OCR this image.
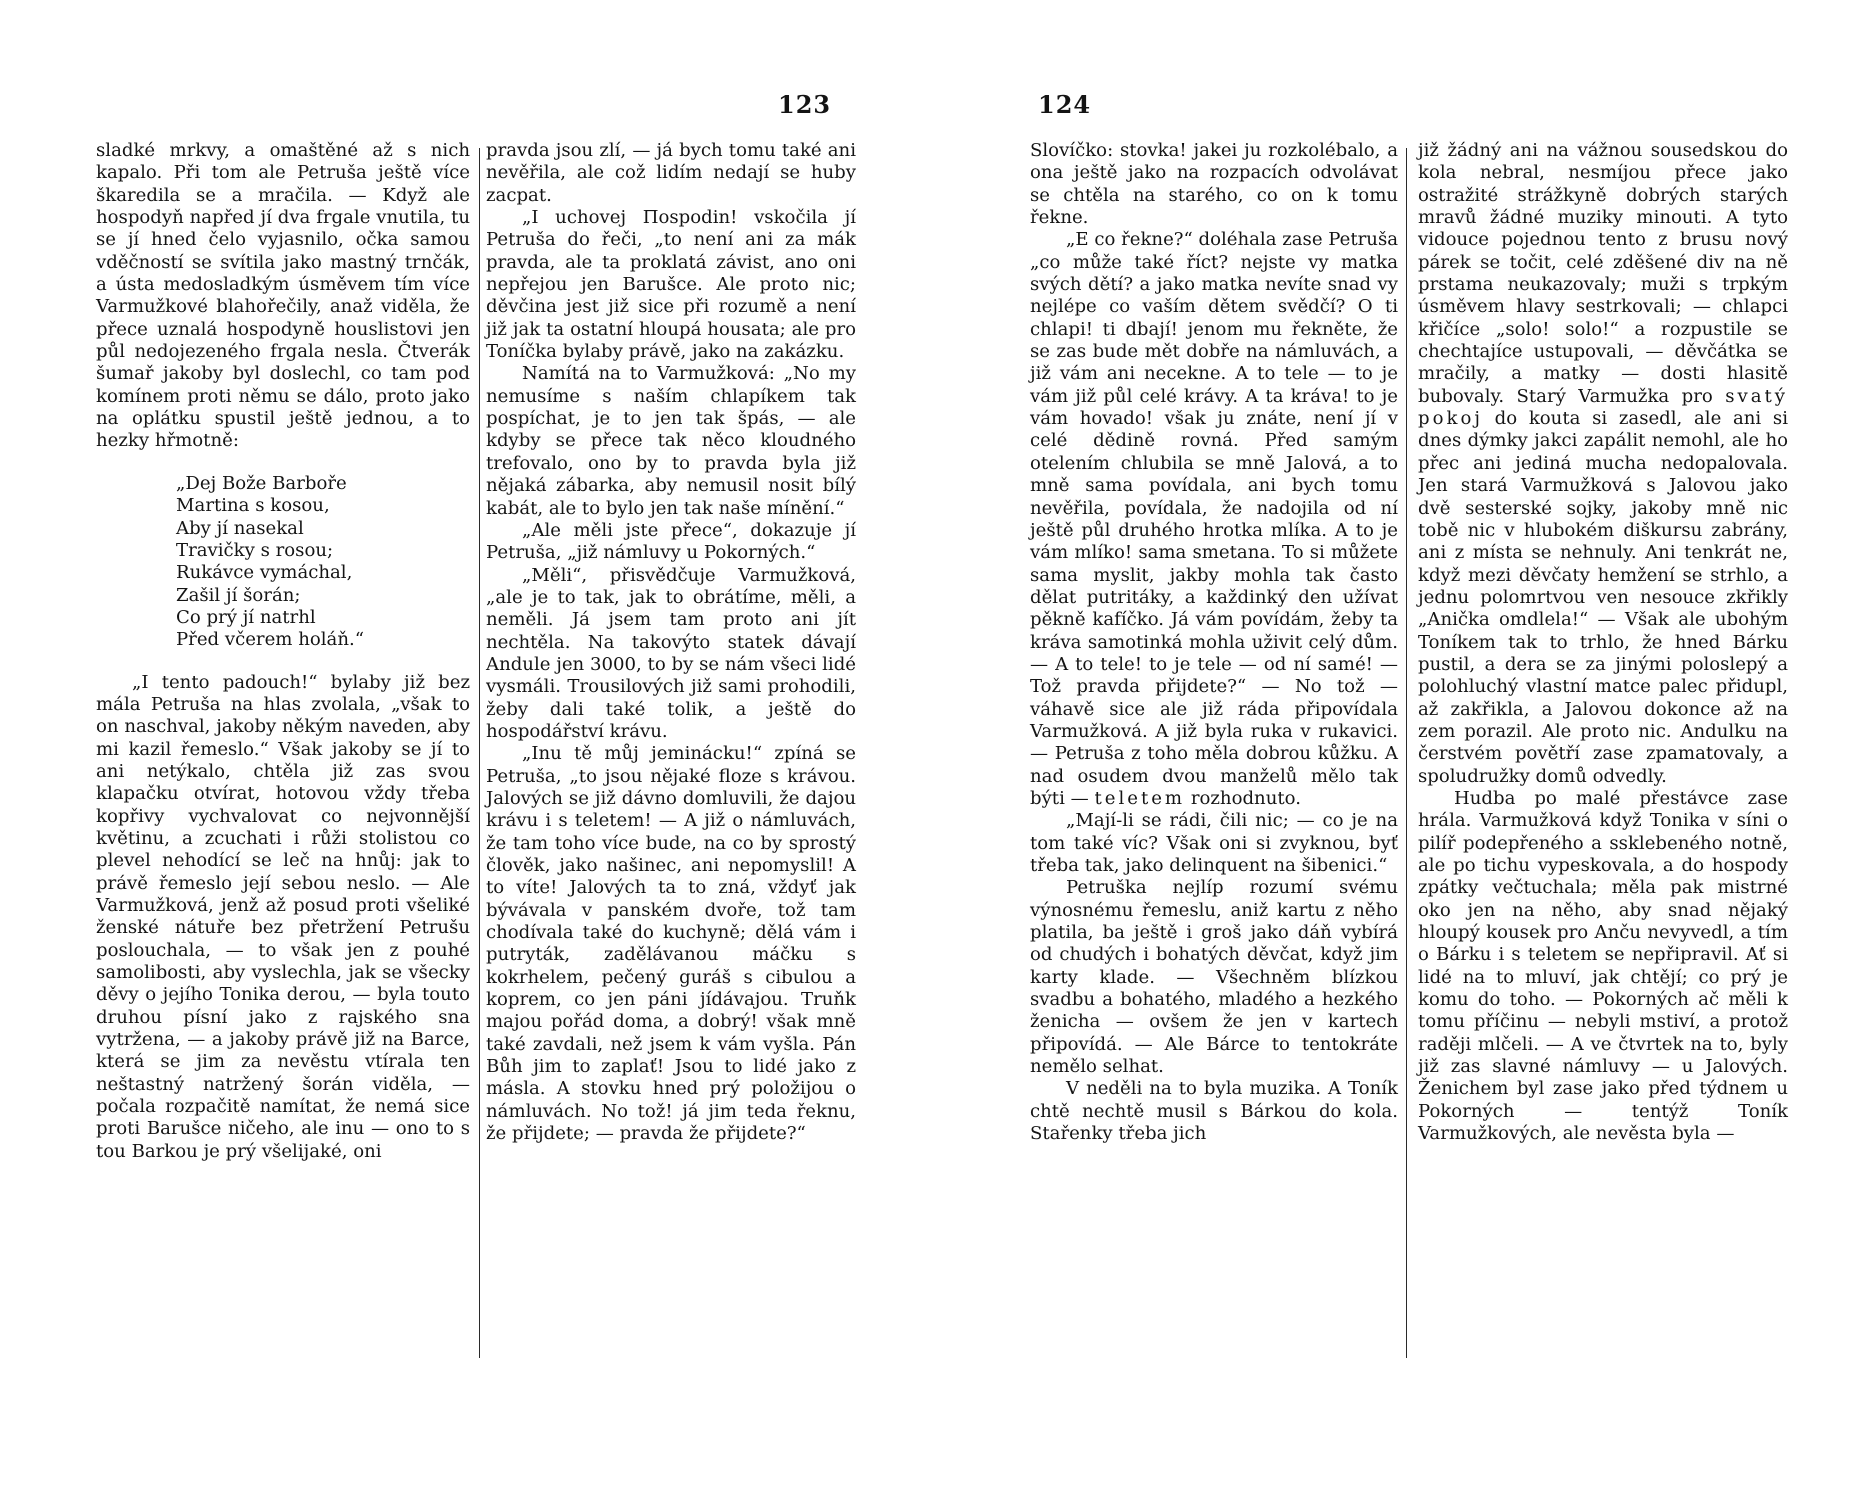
123

sladké mrkvy, a omaštěné až s nich kapalo. Při tom ale Petruša ještě více škaredila se a mračila. — Když ale hospodyň napřed jí dva frgale vnutila, tu se jí hned čelo vyjasnilo, očka samou vděčností se svítila jako mastný trnčák, a ústa medosladkým úsměvem tím více Varmužkové blahořečily, anaž viděla, že přece uznalá hospodyně houslistovi jen půl nedojezeného frgala nesla. Čtverák šumař jakoby byl doslechl, co tam pod komínem proti němu se dálo, proto jako na oplátku spustil ještě jednou, a to hezky hřmotně:

„Dej Bože Barboře
Martina s kosou,
Aby jí nasekal
Travičky s rosou;
Rukávce vymáchal,
Zašil jí šorán;
Co prý jí natrhl
Před včerem holáň.“

„I tento padouch!“ bylaby již bez mála Petruša na hlas zvolala, „však to on naschval, jakoby někým naveden, aby mi kazil řemeslo.“ Však jakoby se jí to ani netýkalo, chtěla již zas svou klapačku otvírat, hotovou vždy třeba kopřivy vychvalovat co nejvonnější květinu, a zcuchati i růži stolistou co plevel nehodící se leč na hnůj: jak to právě řemeslo její sebou neslo. — Ale Varmužková, jenž až posud proti všeliké ženské nátuře bez přetržení Petrušu poslouchala, — to však jen z pouhé samolibosti, aby vyslechla, jak se všecky děvy o jejího Tonika derou, — byla touto druhou písní jako z rajského sna vytržena, — a jakoby právě již na Barce, která se jim za nevěstu vtírala ten neštastný natržený šorán viděla, — počala rozpačitě namítat, že nemá sice proti Barušce ničeho, ale inu — ono to s tou Barkou je prý všelijaké, oni

pravda jsou zlí, — já bych tomu také ani nevěřila, ale což lidím nedají se huby zacpat.

„I uchovej Пospodin! vskočila jí Petruša do řeči, „to není ani za mák pravda, ale ta proklatá závist, ano oni nepřejou jen Barušce. Ale proto nic; děvčina jest již sice při rozumě a není již jak ta ostatní hloupá housata; ale pro Toníčka bylaby právě, jako na zakázku.

Namítá na to Varmužková: „No my nemusíme s naším chlapíkem tak pospíchat, je to jen tak špás, — ale kdyby se přece tak něco kloudného trefovalo, ono by to pravda byla již nějaká zábarka, aby nemusil nosit bílý kabát, ale to bylo jen tak naše mínění.“

„Ale měli jste přece“, dokazuje jí Petruša, „již námluvy u Pokorných.“

„Měli“, přisvědčuje Varmužková, „ale je to tak, jak to obrátíme, měli, a neměli. Já jsem tam proto ani jít nechtěla. Na takovýto statek dávají Andule jen 3000, to by se nám všeci lidé vysmáli. Trousilových již sami prohodili, žeby dali také tolik, a ještě do hospodářství krávu.

„Inu tě můj jeminácku!“ zpíná se Petruša, „to jsou nějaké floze s krávou. Jalových se již dávno domluvili, že dajou krávu i s teletem! — A již o námluvách, že tam toho více bude, na co by sprostý člověk, jako našinec, ani nepomyslil! A to víte! Jalových ta to zná, vždyť jak bývávala v panském dvoře, tož tam chodívala také do kuchyně; dělá vám i putryták, zadělávanou máčku s kokrhelem, pečený guráš s cibulou a koprem, co jen páni jídávajou. Truňk majou pořád doma, a dobrý! však mně také zavdali, než jsem k vám vyšla. Pán Bůh jim to zaplať! Jsou to lidé jako z másla. A stovku hned prý položijou o námluvách. No tož! já jim teda řeknu, že přijdete; — pravda že přijdete?“

124

Slovíčko: stovka! jakei ju rozkolébalo, a ona ještě jako na rozpacích odvolávat se chtěla na starého, co on k tomu řekne.

„E co řekne?“ doléhala zase Petruša „co může také říct? nejste vy matka svých dětí? a jako matka nevíte snad vy nejlépe co vaším dětem svědčí? O ti chlapi! ti dbají! jenom mu řekněte, že se zas bude mět dobře na námluvách, a již vám ani necekne. A to tele — to je vám již půl celé krávy. A ta kráva! to je vám hovado! však ju znáte, není jí v celé dědině rovná. Před samým otelením chlubila se mně Jalová, a to mně sama povídala, ani bych tomu nevěřila, povídala, že nadojila od ní ještě půl druhého hrotka mlíka. A to je vám mlíko! sama smetana. To si můžete sama myslit, jakby mohla tak často dělat putritáky, a každinký den užívat pěkně kafíčko. Já vám povídám, žeby ta kráva samotinká mohla uživit celý dům. — A to tele! to je tele — od ní samé! — Tož pravda přijdete?“ — No tož — váhavě sice ale již ráda připovídala Varmužková. A již byla ruka v rukavici. — Petruša z toho měla dobrou kůžku. A nad osudem dvou manželů mělo tak býti — teletem rozhodnuto.

„Mají-li se rádi, čili nic; — co je na tom také víc? Však oni si zvyknou, byť třeba tak, jako delinquent na šibenici.“

Petruška nejlíp rozumí svému výnosnému řemeslu, aniž kartu z něho platila, ba ještě i groš jako dáň vybírá od chudých i bohatých děvčat, když jim karty klade. — Všechněm blízkou svadbu a bohatého, mladého a hezkého ženicha — ovšem že jen v kartech připovídá. — Ale Bárce to tentokráte nemělo selhat.

V neděli na to byla muzika. A Toník chtě nechtě musil s Bárkou do kola. Stařenky třeba jich

již žádný ani na vážnou sousedskou do kola nebral, nesmíjou přece jako ostražité strážkyně dobrých starých mravů žádné muziky minouti. A tyto vidouce pojednou tento z brusu nový párek se točit, celé zděšené div na ně prstama neukazovaly; muži s trpkým úsměvem hlavy sestrkovali; — chlapci křičíce „solo! solo!“ a rozpustile se chechtajíce ustupovali, — děvčátka se mračily, a matky — dosti hlasitě bubovaly. Starý Varmužka pro svatý pokoj do kouta si zasedl, ale ani si dnes dýmky jakci zapálit nemohl, ale ho přec ani jediná mucha nedopalovala. Jen stará Varmužková s Jalovou jako dvě sesterské sojky, jakoby mně nic tobě nic v hlubokém diškursu zabrány, ani z místa se nehnuly. Ani tenkrát ne, když mezi děvčaty hemžení se strhlo, a jednu polomrtvou ven nesouce zkřikly „Anička omdlela!“ — Však ale ubohým Toníkem tak to trhlo, že hned Bárku pustil, a dera se za jinými poloslepý a polohluchý vlastní matce palec přidupl, až zakřikla, a Jalovou dokonce až na zem porazil. Ale proto nic. Andulku na čerstvém povětří zase zpamatovaly, a spoludružky domů odvedly.

Hudba po malé přestávce zase hrála. Varmužková když Tonika v síni o pilíř podepřeného a ssklebeného notně, ale po tichu vypeskovala, a do hospody zpátky večtuchala; měla pak mistrné oko jen na něho, aby snad nějaký hloupý kousek pro Anču nevyvedl, a tím o Bárku i s teletem se nepřipravil. Ať si lidé na to mluví, jak chtějí; co prý je komu do toho. — Pokorných ač měli k tomu příčinu — nebyli mstiví, a protož raději mlčeli. — A ve čtvrtek na to, byly již zas slavné námluvy — u Jalových. Ženichem byl zase jako před týdnem u Pokorných — tentýž Toník Varmužkových, ale nevěsta byla —
